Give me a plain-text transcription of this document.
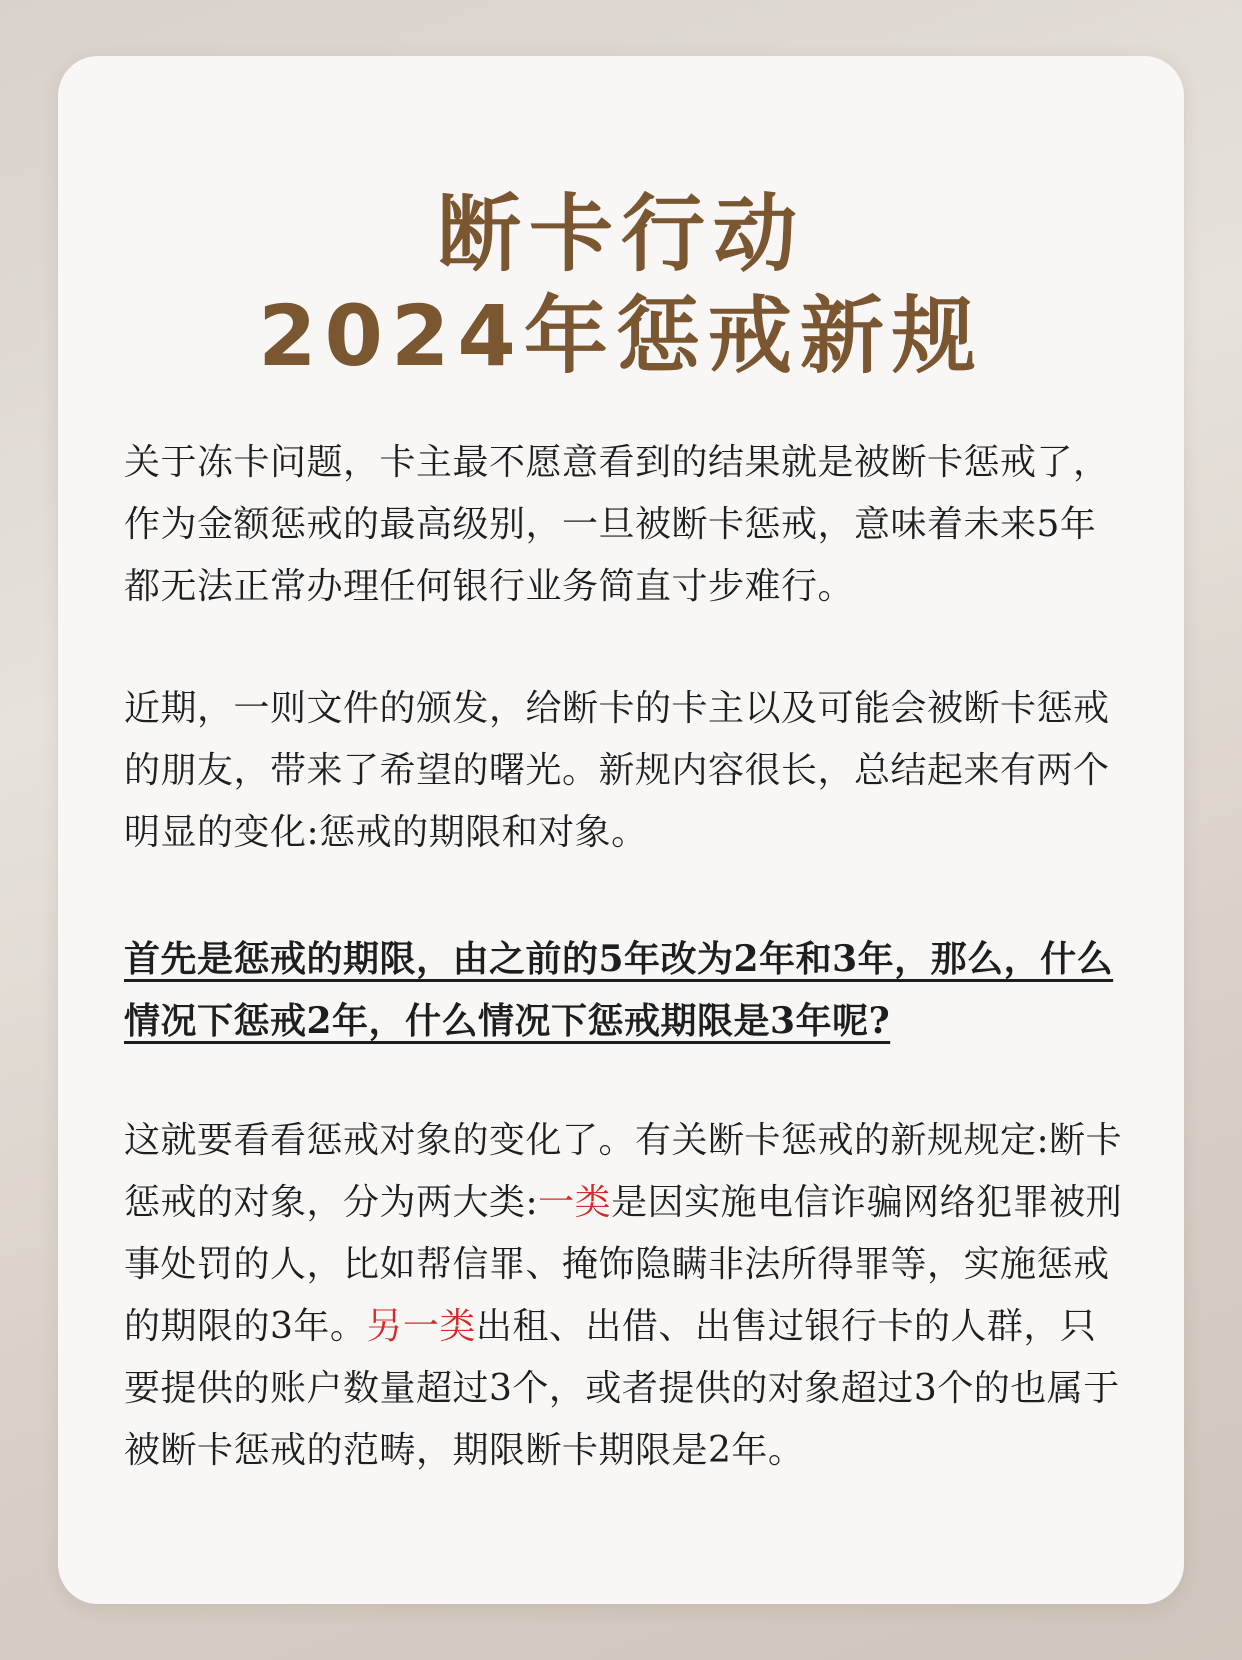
断卡行动
2024年惩戒新规

关于冻卡问题，卡主最不愿意看到的结果就是被断卡惩戒了，作为金额惩戒的最高级别，一旦被断卡惩戒，意味着未来5年都无法正常办理任何银行业务简直寸步难行。

近期，一则文件的颁发，给断卡的卡主以及可能会被断卡惩戒的朋友，带来了希望的曙光。新规内容很长，总结起来有两个明显的变化:惩戒的期限和对象。

首先是惩戒的期限，由之前的5年改为2年和3年，那么，什么情况下惩戒2年，什么情况下惩戒期限是3年呢?

这就要看看惩戒对象的变化了。有关断卡惩戒的新规规定:断卡惩戒的对象，分为两大类:一类是因实施电信诈骗网络犯罪被刑事处罚的人，比如帮信罪、掩饰隐瞒非法所得罪等，实施惩戒的期限的3年。另一类出租、出借、出售过银行卡的人群，只要提供的账户数量超过3个，或者提供的对象超过3个的也属于被断卡惩戒的范畴，期限断卡期限是2年。
